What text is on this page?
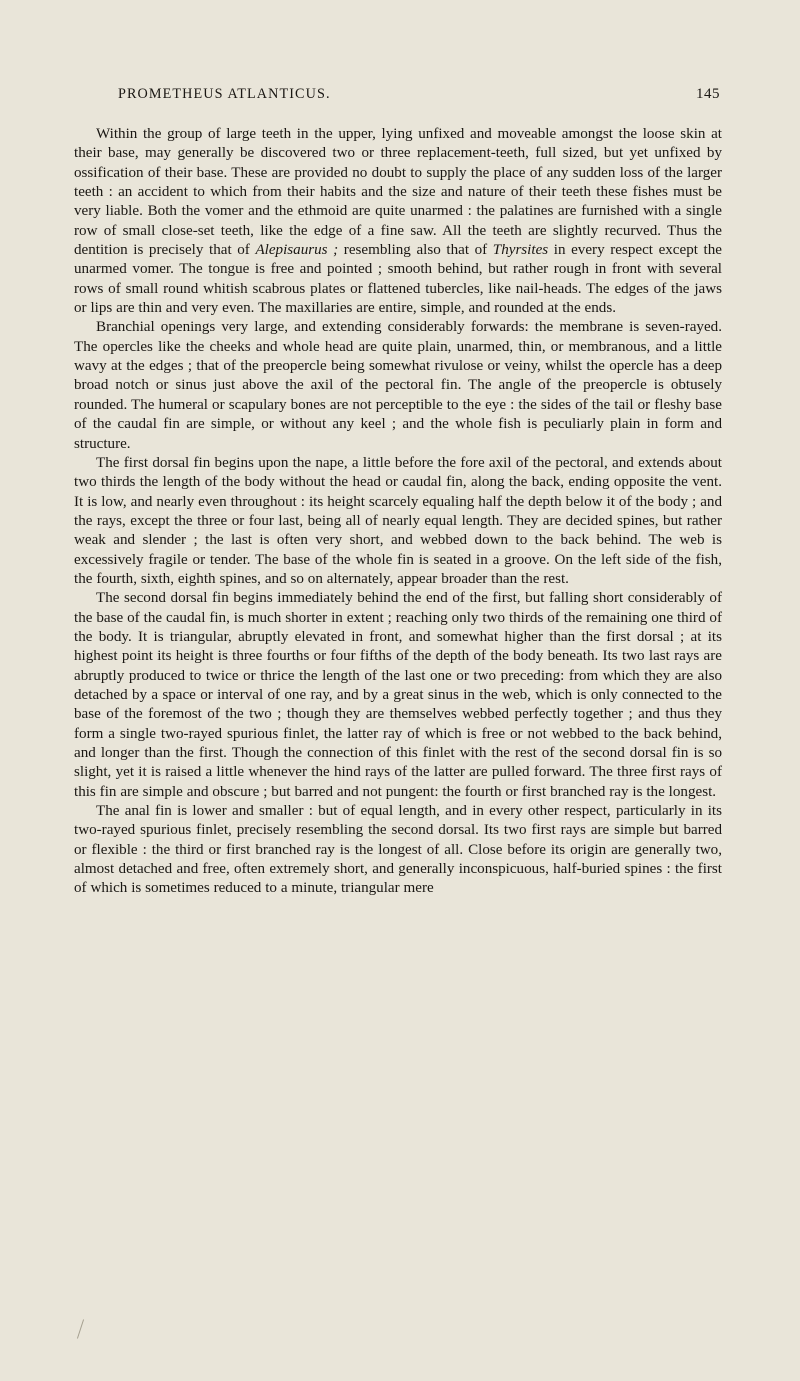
PROMETHEUS ATLANTICUS.	145

Within the group of large teeth in the upper, lying unfixed and moveable amongst the loose skin at their base, may generally be discovered two or three replacement-teeth, full sized, but yet unfixed by ossification of their base. These are provided no doubt to supply the place of any sudden loss of the larger teeth : an accident to which from their habits and the size and nature of their teeth these fishes must be very liable. Both the vomer and the ethmoid are quite unarmed : the palatines are furnished with a single row of small close-set teeth, like the edge of a fine saw. All the teeth are slightly recurved. Thus the dentition is precisely that of Alepisaurus ; resembling also that of Thyrsites in every respect except the unarmed vomer. The tongue is free and pointed ; smooth behind, but rather rough in front with several rows of small round whitish scabrous plates or flattened tubercles, like nail-heads. The edges of the jaws or lips are thin and very even. The maxillaries are entire, simple, and rounded at the ends.

Branchial openings very large, and extending considerably forwards: the membrane is seven-rayed. The opercles like the cheeks and whole head are quite plain, unarmed, thin, or membranous, and a little wavy at the edges ; that of the preopercle being somewhat rivulose or veiny, whilst the opercle has a deep broad notch or sinus just above the axil of the pectoral fin. The angle of the preopercle is obtusely rounded. The humeral or scapulary bones are not perceptible to the eye : the sides of the tail or fleshy base of the caudal fin are simple, or without any keel ; and the whole fish is peculiarly plain in form and structure.

The first dorsal fin begins upon the nape, a little before the fore axil of the pectoral, and extends about two thirds the length of the body without the head or caudal fin, along the back, ending opposite the vent. It is low, and nearly even throughout : its height scarcely equaling half the depth below it of the body ; and the rays, except the three or four last, being all of nearly equal length. They are decided spines, but rather weak and slender ; the last is often very short, and webbed down to the back behind. The web is excessively fragile or tender. The base of the whole fin is seated in a groove. On the left side of the fish, the fourth, sixth, eighth spines, and so on alternately, appear broader than the rest.

The second dorsal fin begins immediately behind the end of the first, but falling short considerably of the base of the caudal fin, is much shorter in extent ; reaching only two thirds of the remaining one third of the body. It is triangular, abruptly elevated in front, and somewhat higher than the first dorsal ; at its highest point its height is three fourths or four fifths of the depth of the body beneath. Its two last rays are abruptly produced to twice or thrice the length of the last one or two preceding: from which they are also detached by a space or interval of one ray, and by a great sinus in the web, which is only connected to the base of the foremost of the two ; though they are themselves webbed perfectly together ; and thus they form a single two-rayed spurious finlet, the latter ray of which is free or not webbed to the back behind, and longer than the first. Though the connection of this finlet with the rest of the second dorsal fin is so slight, yet it is raised a little whenever the hind rays of the latter are pulled forward. The three first rays of this fin are simple and obscure ; but barred and not pungent: the fourth or first branched ray is the longest.

The anal fin is lower and smaller : but of equal length, and in every other respect, particularly in its two-rayed spurious finlet, precisely resembling the second dorsal. Its two first rays are simple but barred or flexible : the third or first branched ray is the longest of all. Close before its origin are generally two, almost detached and free, often extremely short, and generally inconspicuous, half-buried spines : the first of which is sometimes reduced to a minute, triangular mere
